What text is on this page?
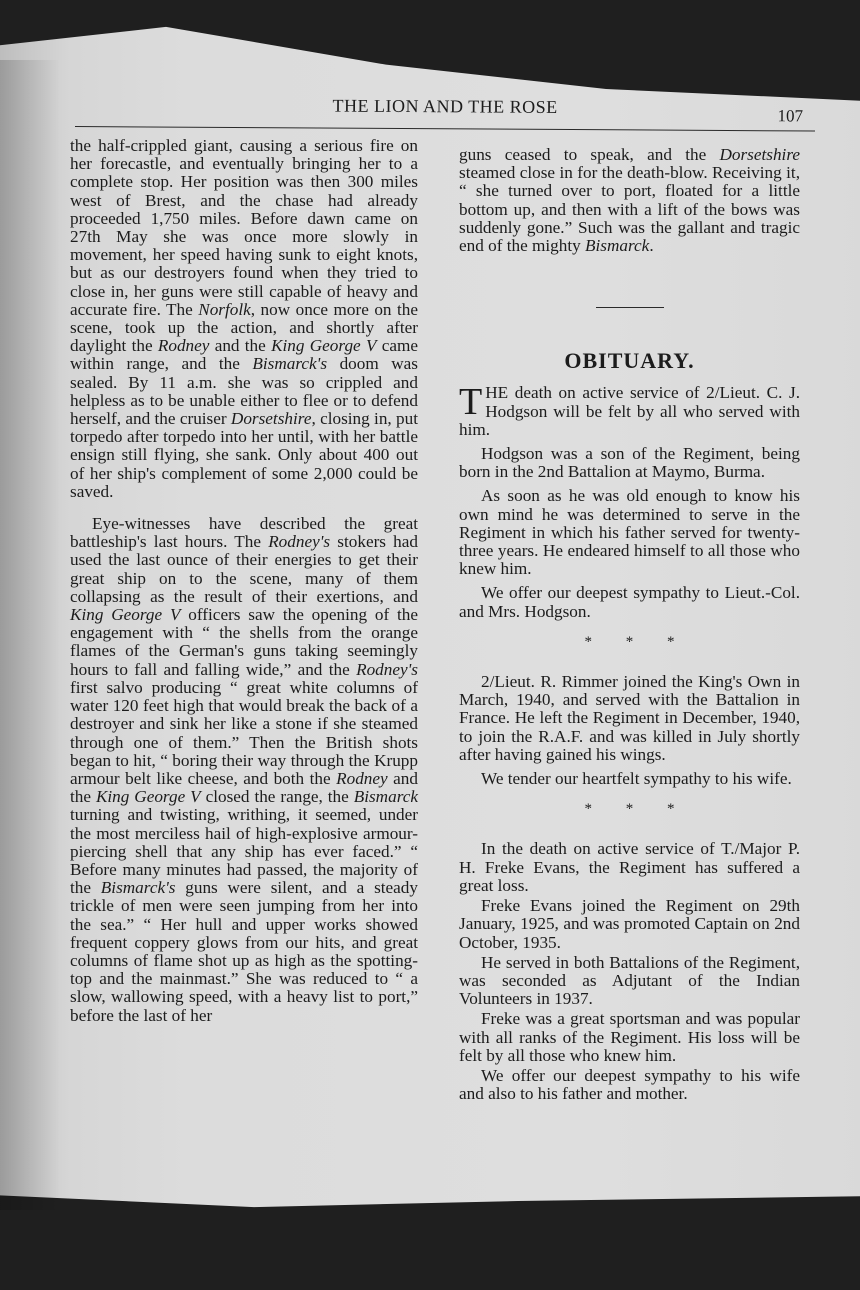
THE LION AND THE ROSE	107

the half-crippled giant, causing a serious fire on her forecastle, and eventually bringing her to a complete stop. Her position was then 300 miles west of Brest, and the chase had already proceeded 1,750 miles. Before dawn came on 27th May she was once more slowly in movement, her speed having sunk to eight knots, but as our destroyers found when they tried to close in, her guns were still capable of heavy and accurate fire. The Norfolk, now once more on the scene, took up the action, and shortly after daylight the Rodney and the King George V came within range, and the Bismarck's doom was sealed. By 11 a.m. she was so crippled and helpless as to be unable either to flee or to defend herself, and the cruiser Dorsetshire, closing in, put torpedo after torpedo into her until, with her battle ensign still flying, she sank. Only about 400 out of her ship's complement of some 2,000 could be saved.

Eye-witnesses have described the great battleship's last hours. The Rodney's stokers had used the last ounce of their energies to get their great ship on to the scene, many of them collapsing as the result of their exertions, and King George V officers saw the opening of the engagement with “ the shells from the orange flames of the German's guns taking seemingly hours to fall and falling wide,” and the Rodney's first salvo producing “ great white columns of water 120 feet high that would break the back of a destroyer and sink her like a stone if she steamed through one of them.” Then the British shots began to hit, “ boring their way through the Krupp armour belt like cheese, and both the Rodney and the King George V closed the range, the Bismarck turning and twisting, writhing, it seemed, under the most merciless hail of high-explosive armour-piercing shell that any ship has ever faced.” “ Before many minutes had passed, the majority of the Bismarck's guns were silent, and a steady trickle of men were seen jumping from her into the sea.” “ Her hull and upper works showed frequent coppery glows from our hits, and great columns of flame shot up as high as the spotting-top and the mainmast.” She was reduced to “ a slow, wallowing speed, with a heavy list to port,” before the last of her

guns ceased to speak, and the Dorsetshire steamed close in for the death-blow. Receiving it, “ she turned over to port, floated for a little bottom up, and then with a lift of the bows was suddenly gone.” Such was the gallant and tragic end of the mighty Bismarck.

OBITUARY.

THE death on active service of 2/Lieut. C. J. Hodgson will be felt by all who served with him.

Hodgson was a son of the Regiment, being born in the 2nd Battalion at Maymo, Burma.

As soon as he was old enough to know his own mind he was determined to serve in the Regiment in which his father served for twenty-three years. He endeared himself to all those who knew him.

We offer our deepest sympathy to Lieut.-Col. and Mrs. Hodgson.

* * *

2/Lieut. R. Rimmer joined the King's Own in March, 1940, and served with the Battalion in France. He left the Regiment in December, 1940, to join the R.A.F. and was killed in July shortly after having gained his wings.

We tender our heartfelt sympathy to his wife.

* * *

In the death on active service of T./Major P. H. Freke Evans, the Regiment has suffered a great loss.

Freke Evans joined the Regiment on 29th January, 1925, and was promoted Captain on 2nd October, 1935.

He served in both Battalions of the Regiment, was seconded as Adjutant of the Indian Volunteers in 1937.

Freke was a great sportsman and was popular with all ranks of the Regiment. His loss will be felt by all those who knew him.

We offer our deepest sympathy to his wife and also to his father and mother.
